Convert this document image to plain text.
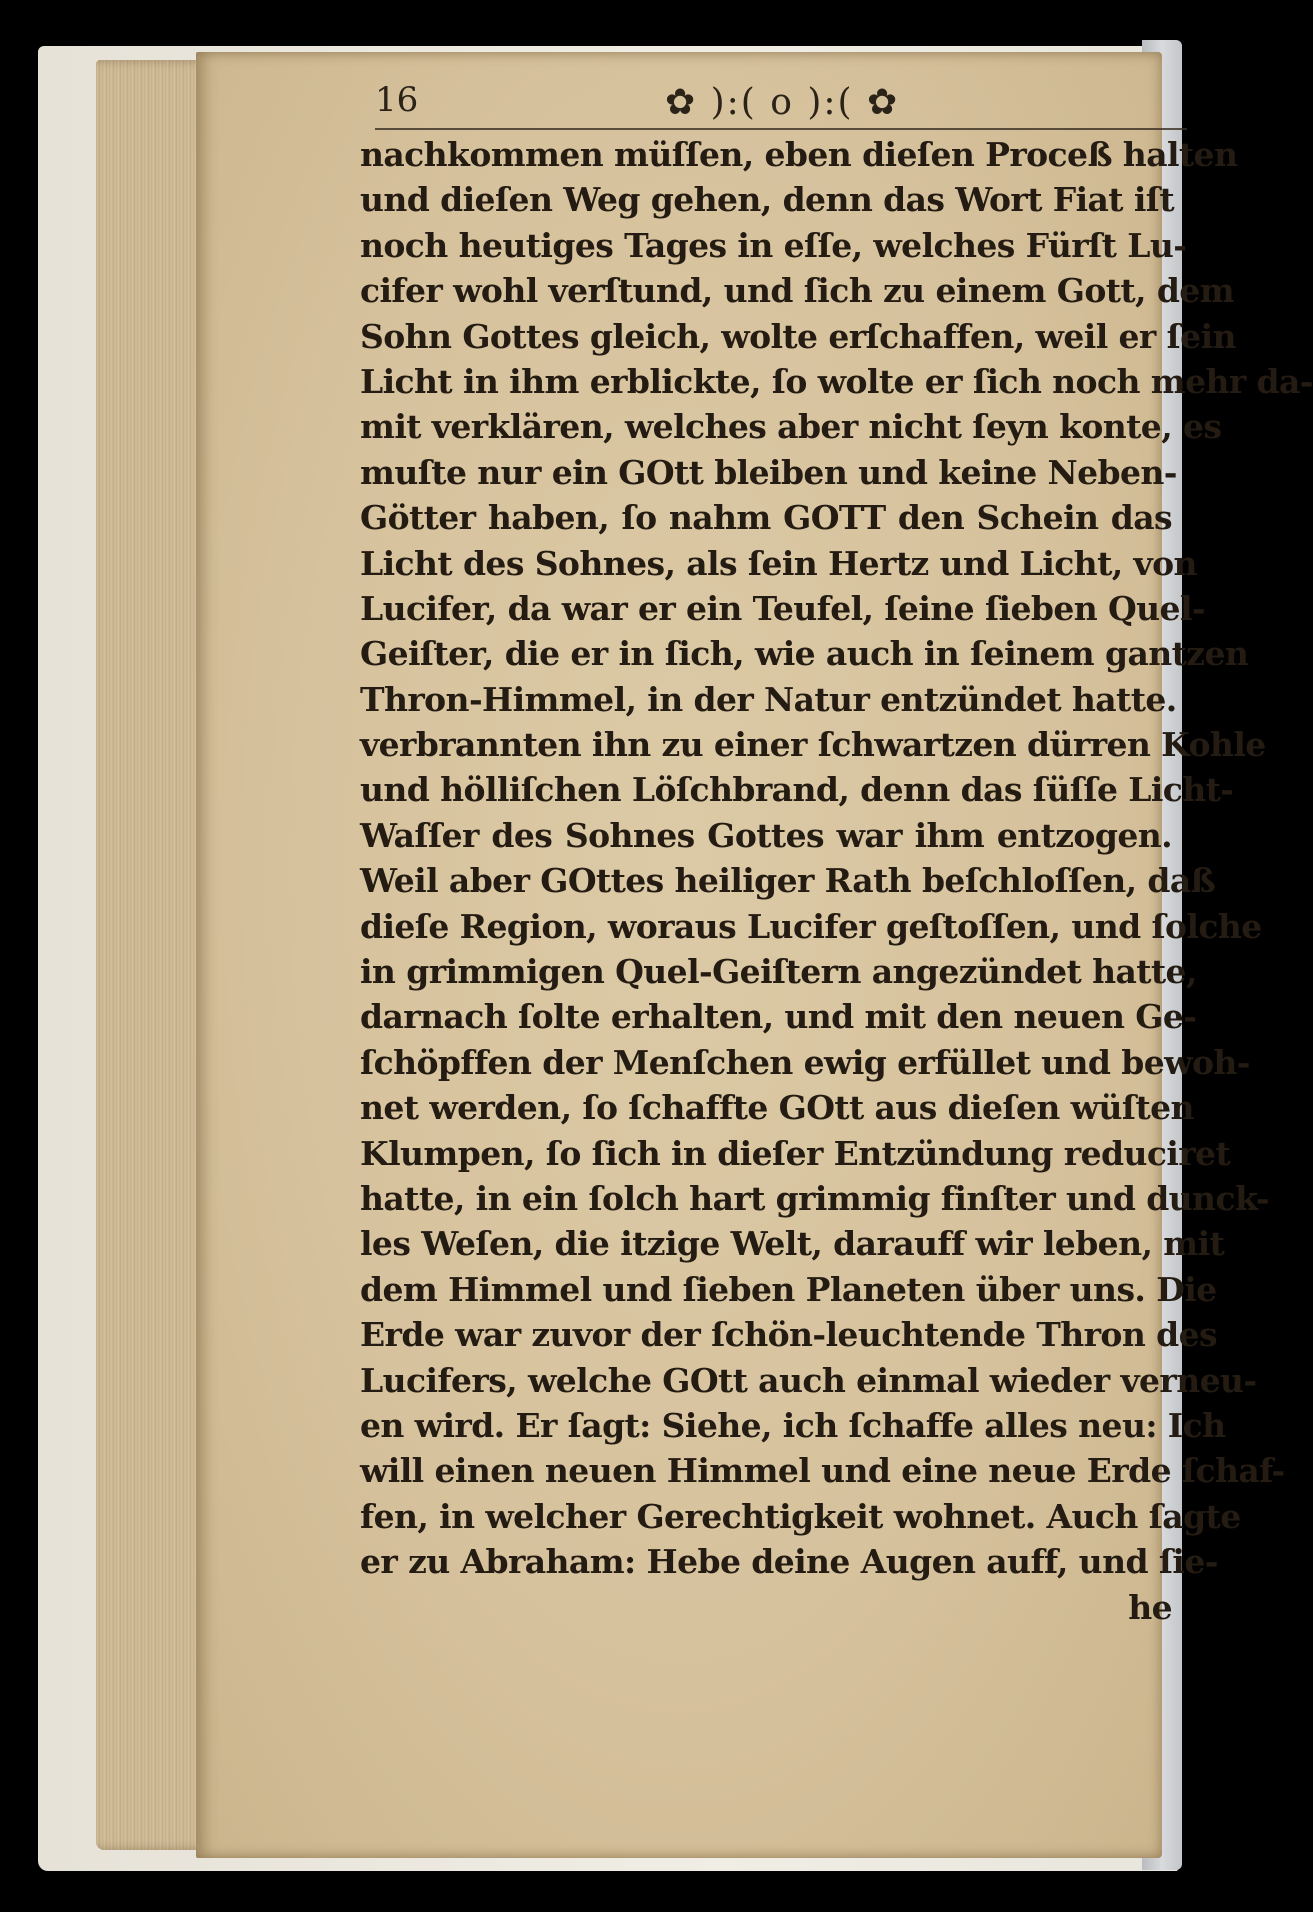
16	✿ ):( o ):( ✿
nachkommen müſſen, eben dieſen Proceß halten
und dieſen Weg gehen, denn das Wort Fiat iſt
noch heutiges Tages in eſſe, welches Fürſt Lu-
cifer wohl verſtund, und ſich zu einem Gott, dem
Sohn Gottes gleich, wolte erſchaffen, weil er ſein
Licht in ihm erblickte, ſo wolte er ſich noch mehr da-
mit verklären, welches aber nicht ſeyn konte, es
muſte nur ein GOtt bleiben und keine Neben-
Götter haben, ſo nahm GOTT den Schein das
Licht des Sohnes, als ſein Hertz und Licht, von
Lucifer, da war er ein Teufel, ſeine ſieben Quel-
Geiſter, die er in ſich, wie auch in ſeinem gantzen
Thron-Himmel, in der Natur entzündet hatte.
verbrannten ihn zu einer ſchwartzen dürren Kohle
und hölliſchen Löſchbrand, denn das ſüſſe Licht-
Waſſer des Sohnes Gottes war ihm entzogen.
Weil aber GOttes heiliger Rath beſchloſſen, daß
dieſe Region, woraus Lucifer geſtoſſen, und ſolche
in grimmigen Quel-Geiſtern angezündet hatte,
darnach ſolte erhalten, und mit den neuen Ge-
ſchöpffen der Menſchen ewig erfüllet und bewoh-
net werden, ſo ſchaffte GOtt aus dieſen wüſten
Klumpen, ſo ſich in dieſer Entzündung reduciret
hatte, in ein ſolch hart grimmig finſter und dunck-
les Weſen, die itzige Welt, darauff wir leben, mit
dem Himmel und ſieben Planeten über uns. Die
Erde war zuvor der ſchön-leuchtende Thron des
Lucifers, welche GOtt auch einmal wieder verneu-
en wird. Er ſagt: Siehe, ich ſchaffe alles neu: Ich
will einen neuen Himmel und eine neue Erde ſchaf-
fen, in welcher Gerechtigkeit wohnet. Auch ſagte
er zu Abraham: Hebe deine Augen auff, und ſie-
he
